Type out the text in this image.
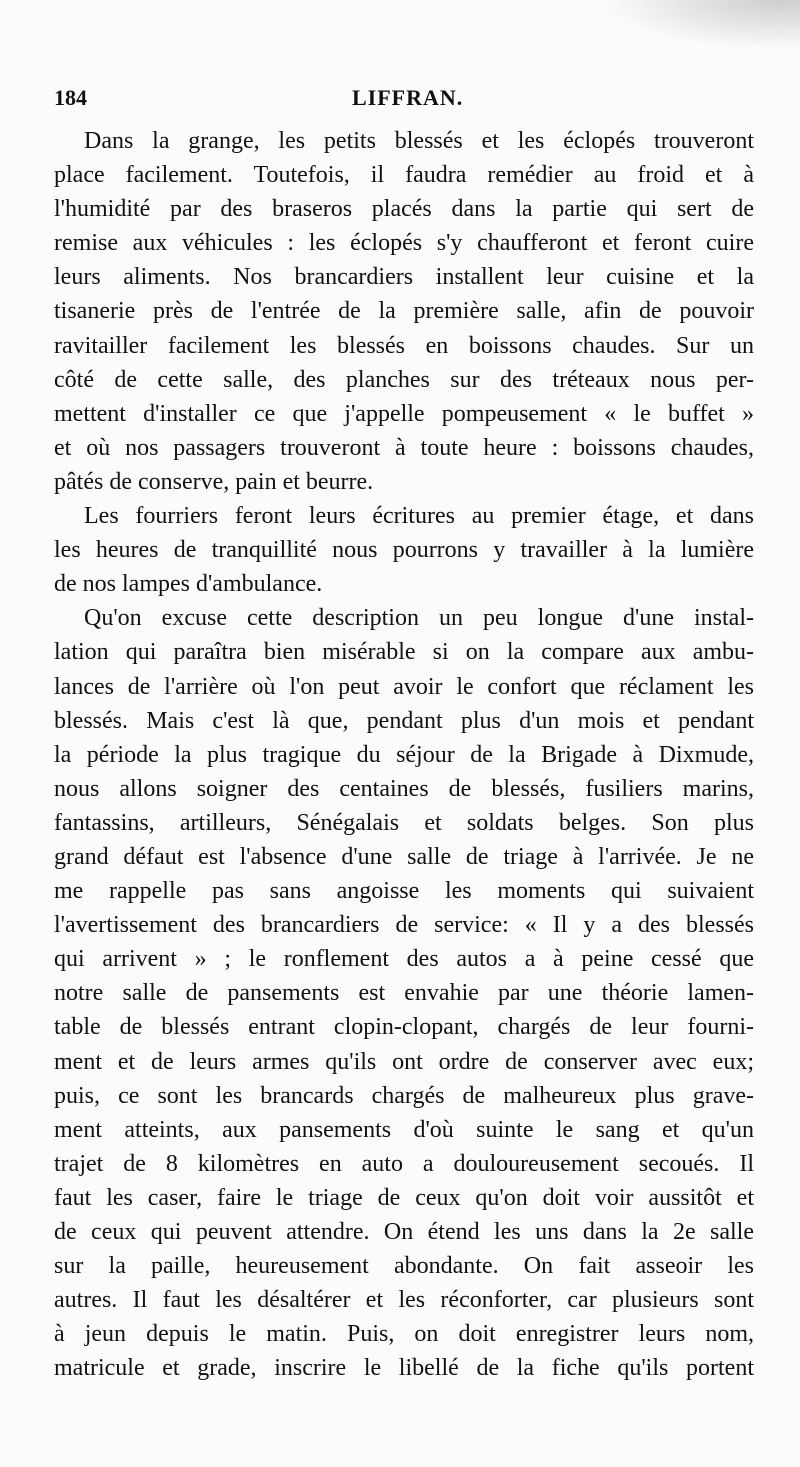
184	LIFFRAN.
Dans la grange, les petits blessés et les éclopés trouveront
place facilement. Toutefois, il faudra remédier au froid et à
l'humidité par des braseros placés dans la partie qui sert de
remise aux véhicules : les éclopés s'y chaufferont et feront cuire
leurs aliments. Nos brancardiers installent leur cuisine et la
tisanerie près de l'entrée de la première salle, afin de pouvoir
ravitailler facilement les blessés en boissons chaudes. Sur un
côté de cette salle, des planches sur des tréteaux nous per-
mettent d'installer ce que j'appelle pompeusement « le buffet »
et où nos passagers trouveront à toute heure : boissons chaudes,
pâtés de conserve, pain et beurre.
Les fourriers feront leurs écritures au premier étage, et dans
les heures de tranquillité nous pourrons y travailler à la lumière
de nos lampes d'ambulance.
Qu'on excuse cette description un peu longue d'une instal-
lation qui paraîtra bien misérable si on la compare aux ambu-
lances de l'arrière où l'on peut avoir le confort que réclament les
blessés. Mais c'est là que, pendant plus d'un mois et pendant
la période la plus tragique du séjour de la Brigade à Dixmude,
nous allons soigner des centaines de blessés, fusiliers marins,
fantassins, artilleurs, Sénégalais et soldats belges. Son plus
grand défaut est l'absence d'une salle de triage à l'arrivée. Je ne
me rappelle pas sans angoisse les moments qui suivaient
l'avertissement des brancardiers de service: « Il y a des blessés
qui arrivent » ; le ronflement des autos a à peine cessé que
notre salle de pansements est envahie par une théorie lamen-
table de blessés entrant clopin-clopant, chargés de leur fourni-
ment et de leurs armes qu'ils ont ordre de conserver avec eux;
puis, ce sont les brancards chargés de malheureux plus grave-
ment atteints, aux pansements d'où suinte le sang et qu'un
trajet de 8 kilomètres en auto a douloureusement secoués. Il
faut les caser, faire le triage de ceux qu'on doit voir aussitôt et
de ceux qui peuvent attendre. On étend les uns dans la 2e salle
sur la paille, heureusement abondante. On fait asseoir les
autres. Il faut les désaltérer et les réconforter, car plusieurs sont
à jeun depuis le matin. Puis, on doit enregistrer leurs nom,
matricule et grade, inscrire le libellé de la fiche qu'ils portent
